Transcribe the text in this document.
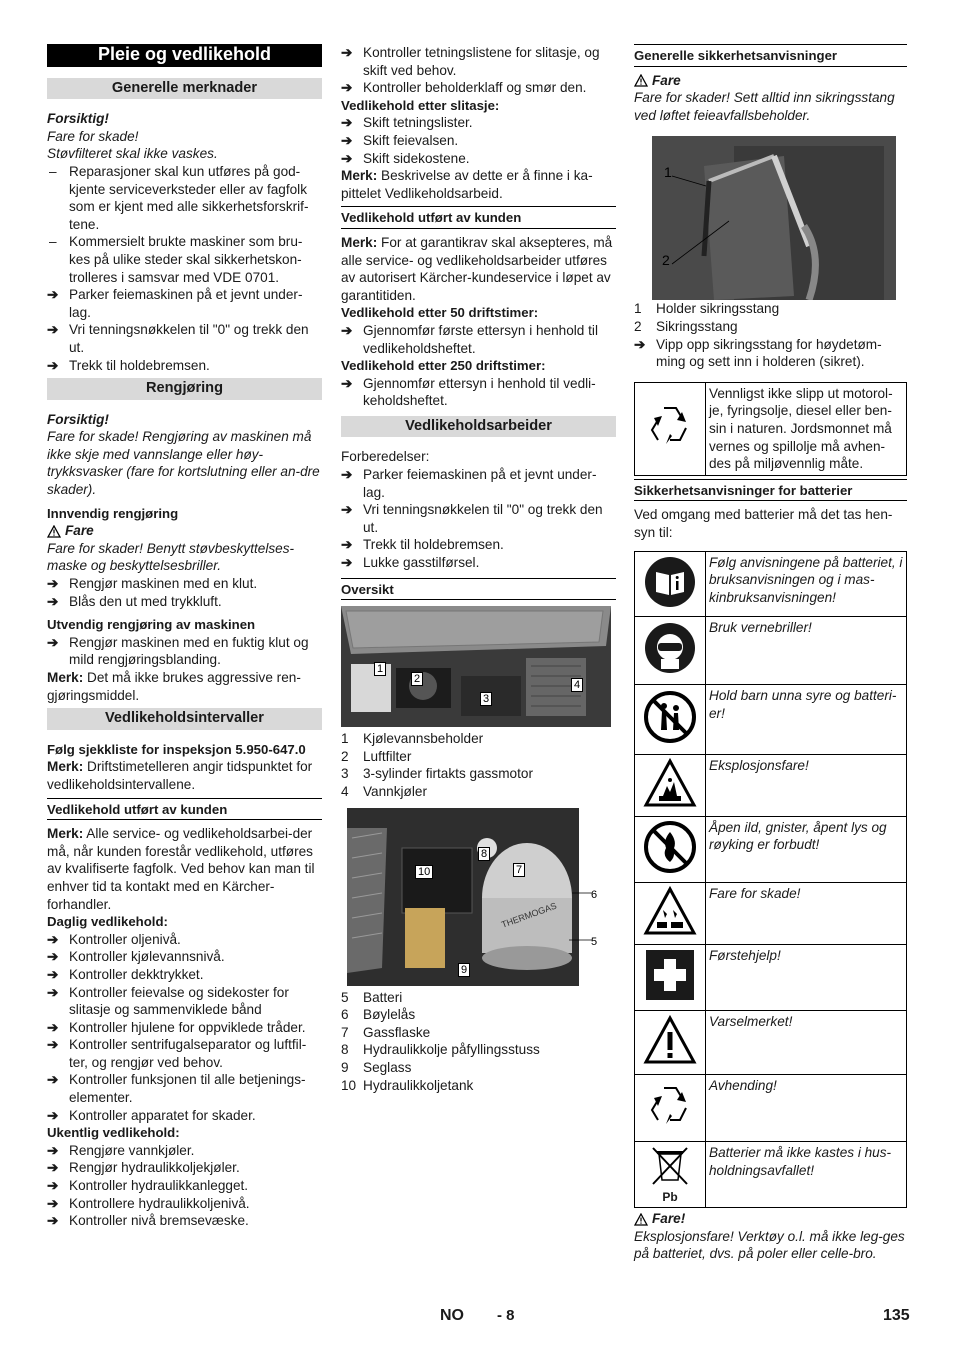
Pleie og vedlikehold
Generelle merknader

Forsiktig!

Fare for skade!

Støvfilteret skal ikke vaskes.

– Reparasjoner skal kun utføres på god-kjente serviceverksteder eller av fagfolk som er kjent med alle sikkerhetsforskrif-tene.
– Kommersielt brukte maskiner som bru-kes på ulike steder skal sikkerhetskon-trolleres i samsvar med VDE 0701.
➔ Parker feiemaskinen på et jevnt under-lag.
➔ Vri tenningsnøkkelen til "0" og trekk den ut.
➔ Trekk til holdebremsen.
Rengjøring

Forsiktig!

Fare for skade! Rengjøring av maskinen må ikke skje med vannslange eller høy-trykksvasker (fare for kortslutning eller an-dre skader).

Innvendig rengjøring

Fare

Fare for skader! Benytt støvbeskyttelses-maske og beskyttelsesbriller.

➔ Rengjør maskinen med en klut.
➔ Blås den ut med trykkluft.

Utvendig rengjøring av maskinen

➔ Rengjør maskinen med en fuktig klut og mild rengjøringsblanding.

Merk: Det må ikke brukes aggressive ren-gjøringsmiddel.

Vedlikeholdsintervaller

Følg sjekkliste for inspeksjon 5.950-647.0

Merk: Driftstimetelleren angir tidspunktet for vedlikeholdsintervallene.

Vedlikehold utført av kunden

Merk: Alle service- og vedlikeholdsarbei-der må, når kunden forestår vedlikehold, utføres av kvalifiserte fagfolk. Ved behov kan man til enhver tid ta kontakt med en Kärcher-forhandler.

Daglig vedlikehold:

➔ Kontroller oljenivå.
➔ Kontroller kjølevannsnivå.
➔ Kontroller dekktrykket.
➔ Kontroller feievalse og sidekoster for slitasje og sammenviklede bånd
➔ Kontroller hjulene for oppviklede tråder.
➔ Kontroller sentrifugalseparator og luftfil-ter, og rengjør ved behov.
➔ Kontroller funksjonen til alle betjenings-elementer.
➔ Kontroller apparatet for skader.

Ukentlig vedlikehold:

➔ Rengjøre vannkjøler.
➔ Rengjør hydraulikkoljekjøler.
➔ Kontroller hydraulikkanlegget.
➔ Kontrollere hydraulikkoljenivå.
➔ Kontroller nivå bremsevæske.
➔ Kontroller tetningslistene for slitasje, og skift ved behov.
➔ Kontroller beholderklaff og smør den.

Vedlikehold etter slitasje:

➔ Skift tetningslister.
➔ Skift feievalsen.
➔ Skift sidekostene.

Merk: Beskrivelse av dette er å finne i ka-pittelet Vedlikeholdsarbeid.

Vedlikehold utført av kunden

Merk: For at garantikrav skal aksepteres, må alle service- og vedlikeholdsarbeider utføres av autorisert Kärcher-kundeservice i løpet av garantitiden.

Vedlikehold etter 50 driftstimer:

➔ Gjennomfør første ettersyn i henhold til vedlikeholdsheftet.

Vedlikehold etter 250 driftstimer:

➔ Gjennomfør ettersyn i henhold til vedli-keholdsheftet.
Vedlikeholdsarbeider

Forberedelser:

➔ Parker feiemaskinen på et jevnt under-lag.
➔ Vri tenningsnøkkelen til "0" og trekk den ut.
➔ Trekk til holdebremsen.
➔ Lukke gasstilførsel.
Oversikt
1
2
3
4
1 Kjølevannsbeholder
2 Luftfilter
3 3-sylinder firtakts gassmotor
4 Vannkjøler
THERMOGAS
6
5
7
8
9
10
5 Batteri
6 Bøylelås
7 Gassflaske
8 Hydraulikkolje påfyllingsstuss
9 Seglass
10 Hydraulikkoljetank
Generelle sikkerhetsanvisninger
Fare

Fare for skader! Sett alltid inn sikringsstang ved løftet feieavfallsbeholder.

1
2
1 Holder sikringsstang
2 Sikringsstang
➔ Vipp opp sikringsstang for høydetøm-ming og sett inn i holderen (sikret).
	Vennligst ikke slipp ut motorol-je, fyringsolje, diesel eller ben-sin i naturen. Jordsmonnet må vernes og spillolje må avhen-des på miljøvennlig måte.
Sikkerhetsanvisninger for batterier

Ved omgang med batterier må det tas hen-syn til:

	Følg anvisningene på batteriet, i bruksanvisningen og i mas-kinbruksanvisningen!
	Bruk vernebriller!
	Hold barn unna syre og batteri-er!
	Eksplosjonsfare!
	Åpen ild, gnister, åpent lys og røyking er forbudt!
	Fare for skade!
	Førstehjelp!
	Varselmerket!
	Avhending!

Pb	Batterier må ikke kastes i hus-holdningsavfallet!
Fare!

Eksplosjonsfare! Verktøy o.l. må ikke leg-ges på batteriet, dvs. på poler eller celle-bro.

NO - 8	135
